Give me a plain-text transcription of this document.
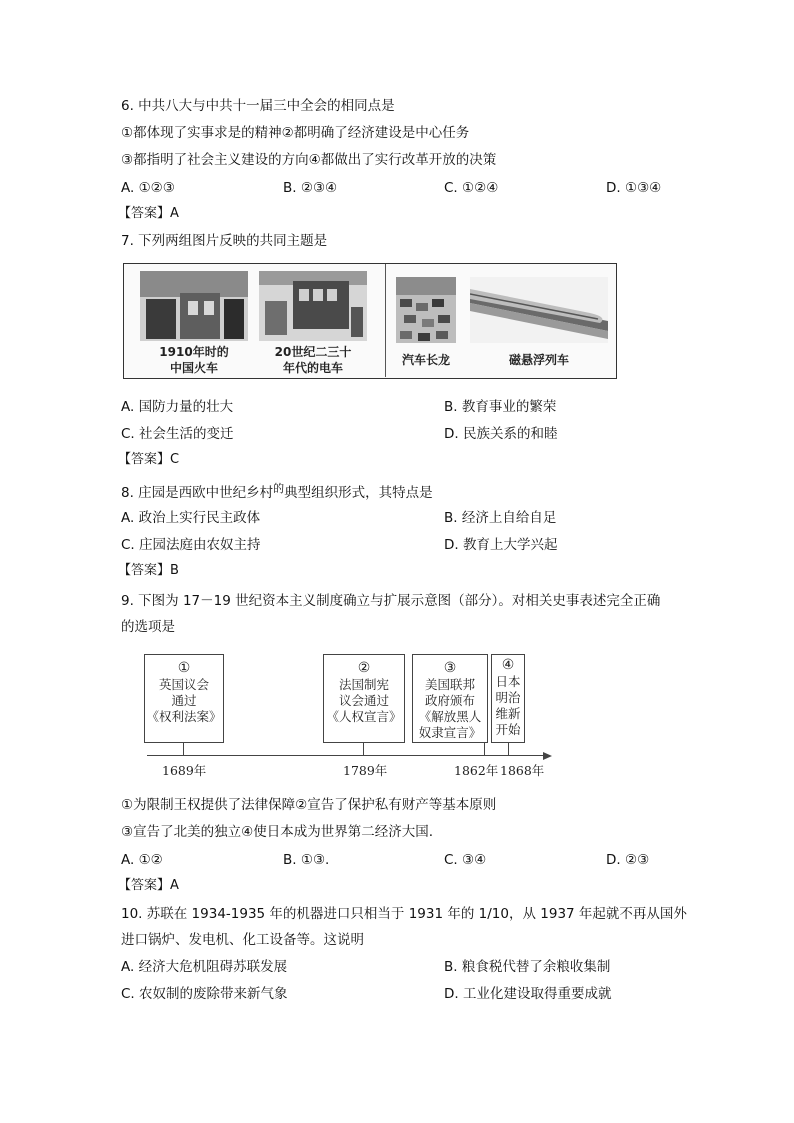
6. 中共八大与中共十一届三中全会的相同点是
①都体现了实事求是的精神②都明确了经济建设是中心任务
③都指明了社会主义建设的方向④都做出了实行改革开放的决策
A. ①②③	B. ②③④	C. ①②④	D. ①③④
【答案】A
7. 下列两组图片反映的共同主题是
1910年时的
中国火车
20世纪二三十
年代的电车
汽车长龙	磁悬浮列车
A. 国防力量的壮大	B. 教育事业的繁荣
C. 社会生活的变迁	D. 民族关系的和睦
【答案】C
8. 庄园是西欧中世纪乡村$^的$典型组织形式，其特点是
A. 政治上实行民主政体	B. 经济上自给自足
C. 庄园法庭由农奴主持	D. 教育上大学兴起
【答案】B
9. 下图为 17－19 世纪资本主义制度确立与扩展示意图（部分）。对相关史事表述完全正确
的选项是
①
英国议会
通过
《权利法案》
②
法国制宪
议会通过
《人权宣言》
③
美国联邦
政府颁布
《解放黑人
奴隶宣言》
④
日本
明治
维新
开始
1689年	1789年	1862年 1868年
①为限制王权提供了法律保障②宣告了保护私有财产等基本原则
③宣告了北美的独立④使日本成为世界第二经济大国.
A. ①②	B. ①③.	C. ③④	D. ②③
【答案】A
10. 苏联在 1934-1935 年的机器进口只相当于 1931 年的 1/10，从 1937 年起就不再从国外
进口锅炉、发电机、化工设备等。这说明
A. 经济大危机阻碍苏联发展	B. 粮食税代替了余粮收集制
C. 农奴制的废除带来新气象	D. 工业化建设取得重要成就
